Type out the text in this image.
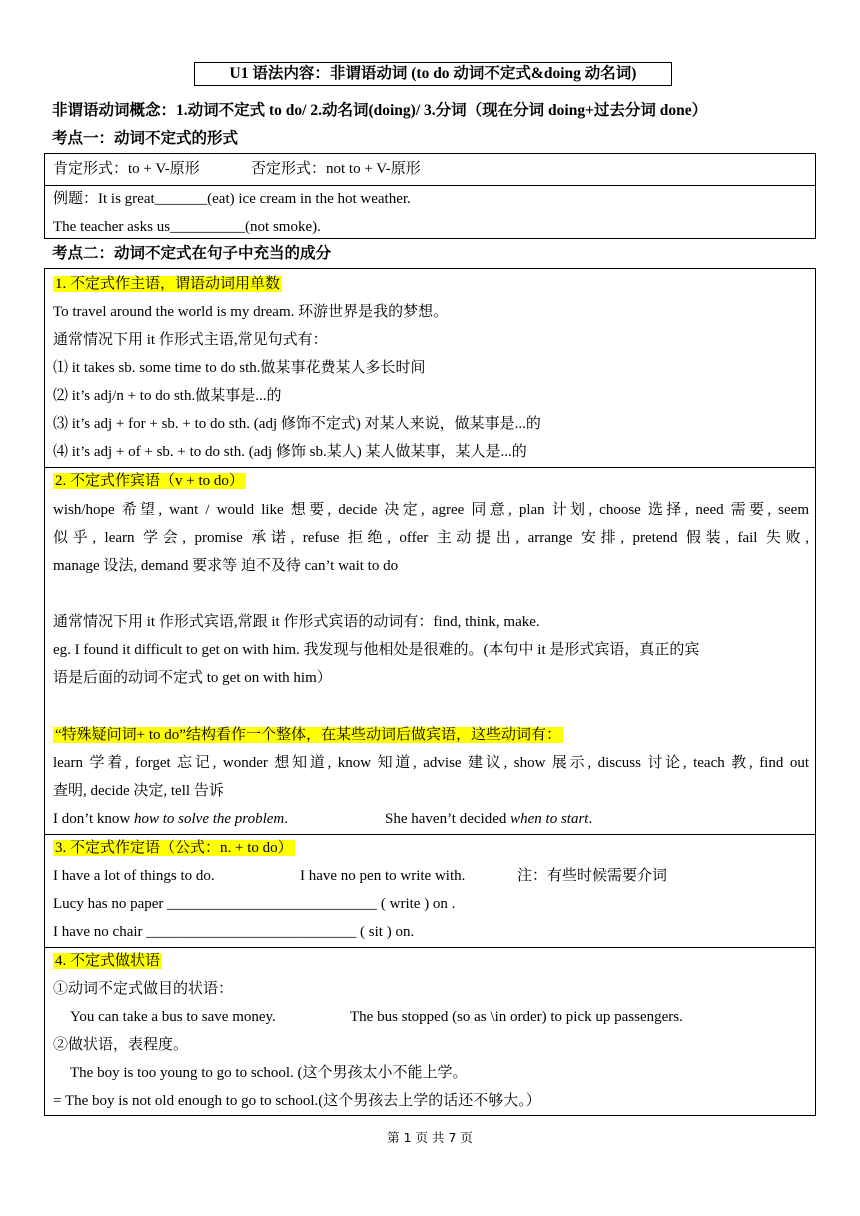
U1 语法内容：非谓语动词 (to do 动词不定式&doing 动名词)
非谓语动词概念：1.动词不定式 to do/ 2.动名词(doing)/ 3.分词（现在分词 doing+过去分词 done）
考点一：动词不定式的形式
肯定形式：to + V-原形	否定形式：not to + V-原形
例题：It is great_______(eat) ice cream in the hot weather.
The teacher asks us__________(not smoke).
考点二：动词不定式在句子中充当的成分
1. 不定式作主语，谓语动词用单数
To travel around the world is my dream. 环游世界是我的梦想。
通常情况下用 it 作形式主语,常见句式有：
⑴ it takes sb. some time to do sth.做某事花费某人多长时间
⑵ it’s adj/n + to do sth.做某事是...的
⑶ it’s adj + for + sb. + to do sth. (adj 修饰不定式) 对某人来说，做某事是...的
⑷ it’s adj + of + sb. + to do sth. (adj 修饰 sb.某人) 某人做某事，某人是...的
2. 不定式作宾语（v + to do）
wish/hope 希望, want / would like 想要, decide 决定, agree 同意, plan 计划, choose 选择, need 需要, seem
似乎, learn 学会, promise 承诺, refuse 拒绝, offer 主动提出, arrange 安排, pretend 假装, fail 失败,
manage 设法, demand 要求等 迫不及待 can’t wait to do
通常情况下用 it 作形式宾语,常跟 it 作形式宾语的动词有：find, think, make.
eg. I found it difficult to get on with him. 我发现与他相处是很难的。(本句中 it 是形式宾语，真正的宾
语是后面的动词不定式 to get on with him）
“特殊疑问词+ to do”结构看作一个整体，在某些动词后做宾语，这些动词有：
learn 学着, forget 忘记, wonder 想知道, know 知道, advise 建议, show 展示, discuss 讨论, teach 教, find out
查明, decide 决定, tell 告诉
I don’t know how to solve the problem.	She haven’t decided when to start.
3. 不定式作定语（公式：n. + to do）
I have a lot of things to do.	I have no pen to write with.	注：有些时候需要介词
Lucy has no paper ____________________________ ( write ) on .
I have no chair ____________________________ ( sit ) on.
4. 不定式做状语
①动词不定式做目的状语：
You can take a bus to save money.	The bus stopped (so as \in order) to pick up passengers.
②做状语，表程度。
The boy is too young to go to school. (这个男孩太小不能上学。
= The boy is not old enough to go to school.(这个男孩去上学的话还不够大。）
第 1 页 共 7 页
